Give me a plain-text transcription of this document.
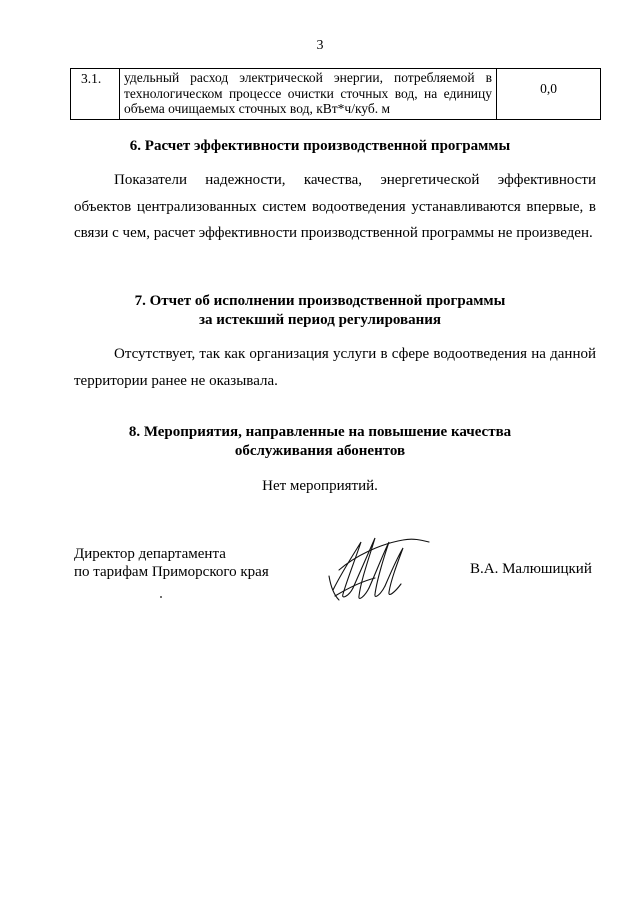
3
3.1.	удельный расход электрической энергии, потребляемой в технологическом процессе очистки сточных вод, на единицу объема очищаемых сточных вод, кВт*ч/куб. м	0,0
6. Расчет эффективности производственной программы

Показатели надежности, качества, энергетической эффективности объектов централизованных систем водоотведения устанавливаются впервые, в связи с чем, расчет эффективности производственной программы не произведен.

7. Отчет об исполнении производственной программы
за истекший период регулирования

Отсутствует, так как организация услуги в сфере водоотведения на данной территории ранее не оказывала.

8. Мероприятия, направленные на повышение качества
обслуживания абонентов
Нет мероприятий.
Директор департамента
по тарифам Приморского края	В.А. Малюшицкий
